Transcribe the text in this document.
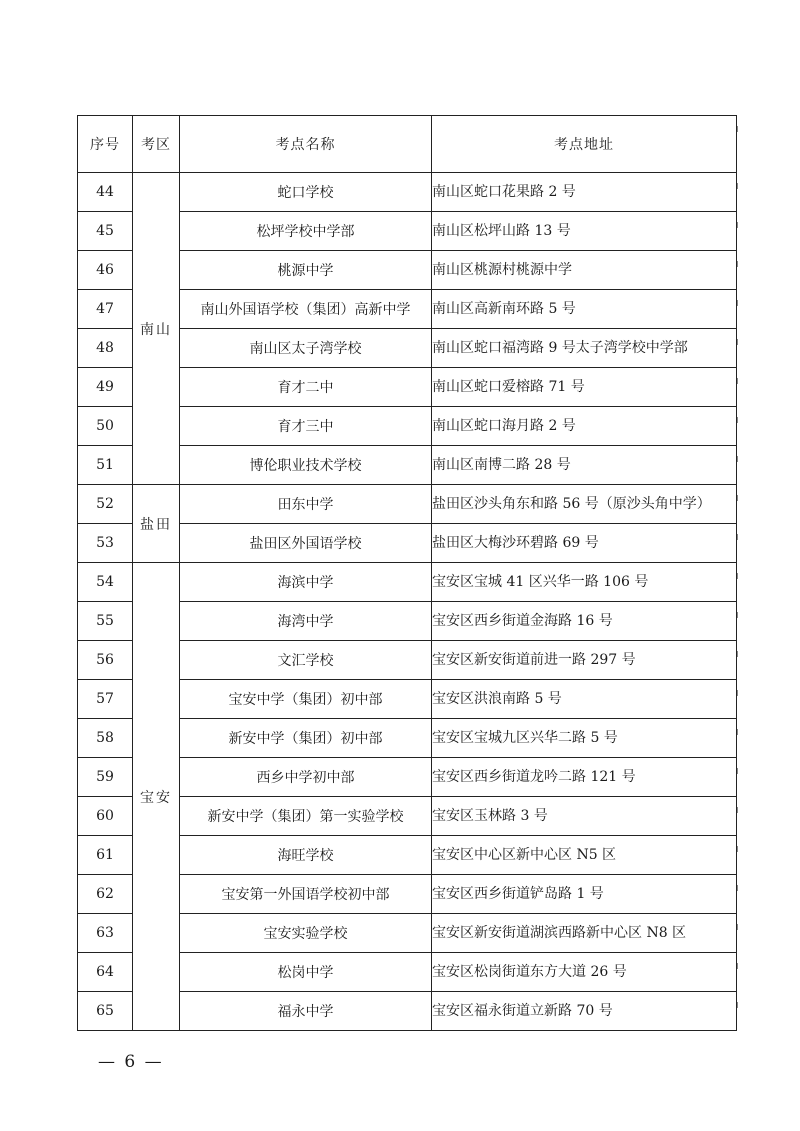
序号	考区	考点名称	考点地址
44	南山	蛇口学校	南山区蛇口花果路 2 号
45		松坪学校中学部	南山区松坪山路 13 号
46		桃源中学	南山区桃源村桃源中学
47		南山外国语学校（集团）高新中学	南山区高新南环路 5 号
48		南山区太子湾学校	南山区蛇口福湾路 9 号太子湾学校中学部
49		育才二中	南山区蛇口爱榕路 71 号
50		育才三中	南山区蛇口海月路 2 号
51		博伦职业技术学校	南山区南博二路 28 号
52	盐田	田东中学	盐田区沙头角东和路 56 号（原沙头角中学）
53		盐田区外国语学校	盐田区大梅沙环碧路 69 号
54	宝安	海滨中学	宝安区宝城 41 区兴华一路 106 号
55		海湾中学	宝安区西乡街道金海路 16 号
56		文汇学校	宝安区新安街道前进一路 297 号
57		宝安中学（集团）初中部	宝安区洪浪南路 5 号
58		新安中学（集团）初中部	宝安区宝城九区兴华二路 5 号
59		西乡中学初中部	宝安区西乡街道龙吟二路 121 号
60		新安中学（集团）第一实验学校	宝安区玉林路 3 号
61		海旺学校	宝安区中心区新中心区 N5 区
62		宝安第一外国语学校初中部	宝安区西乡街道铲岛路 1 号
63		宝安实验学校	宝安区新安街道湖滨西路新中心区 N8 区
64		松岗中学	宝安区松岗街道东方大道 26 号
65		福永中学	宝安区福永街道立新路 70 号
— 6 —
